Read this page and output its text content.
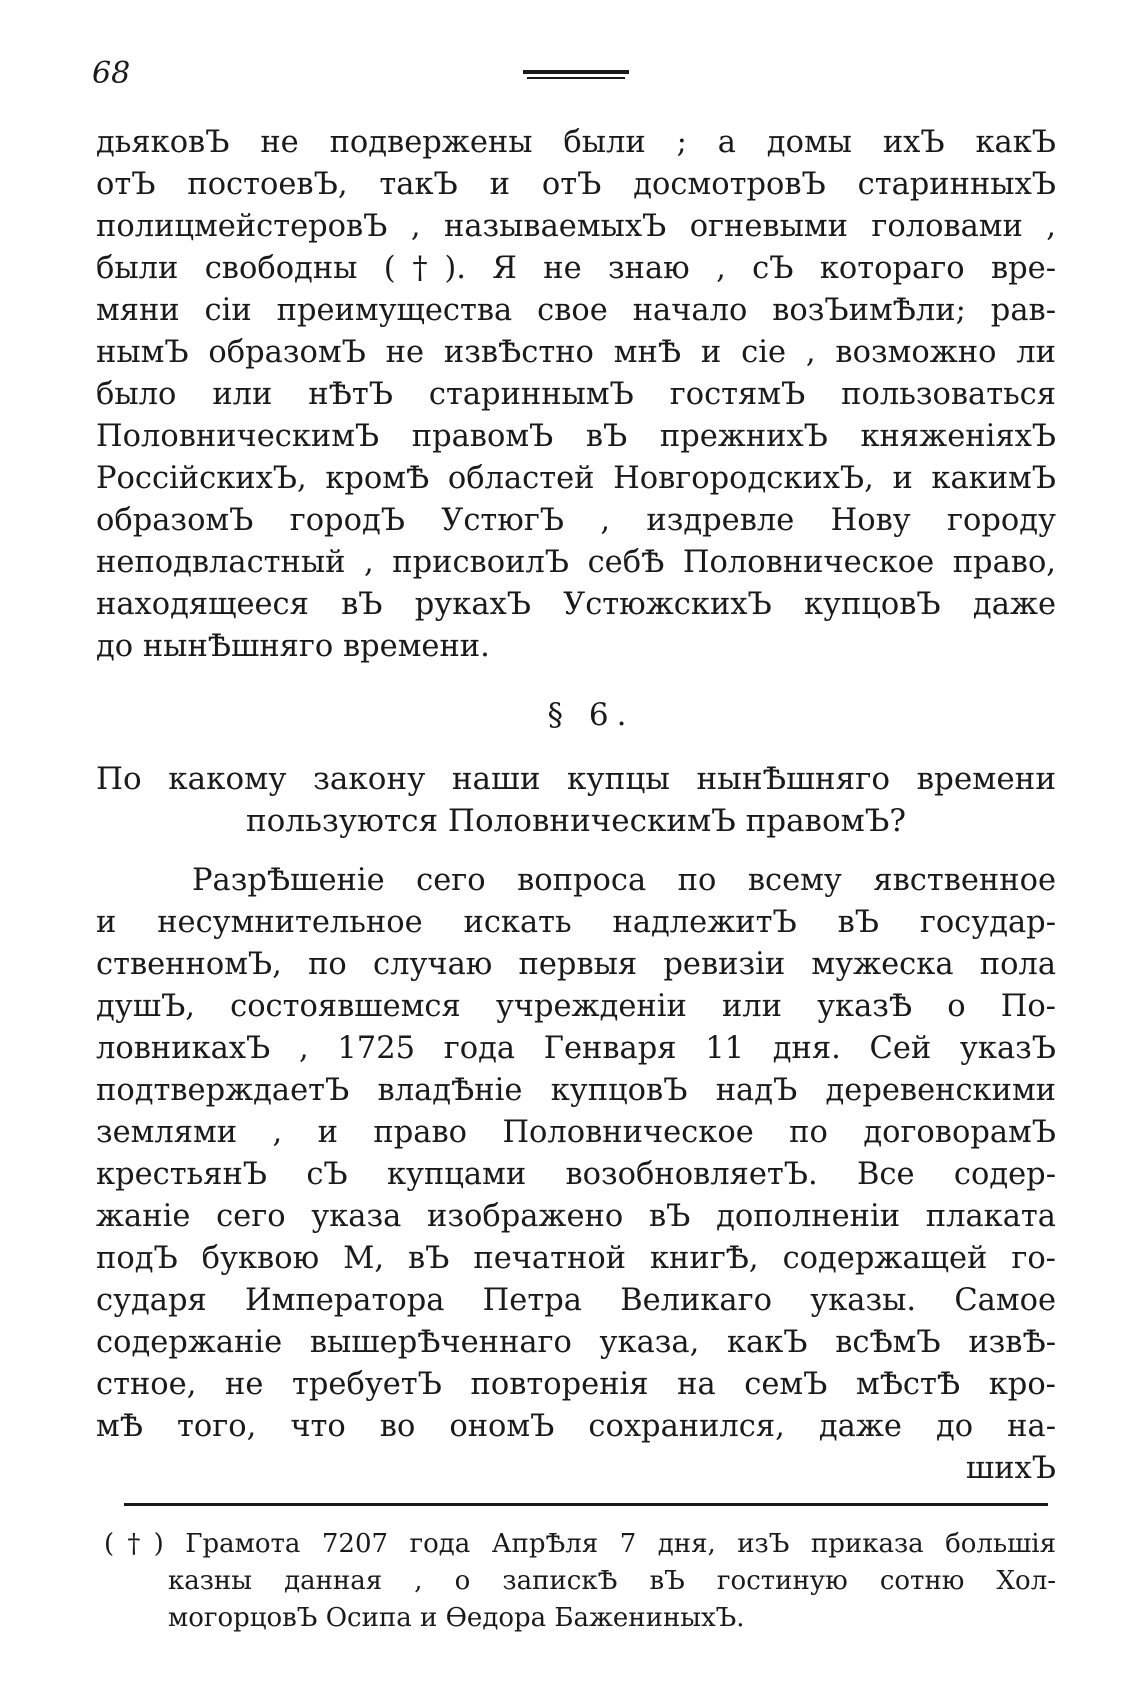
68
дьяковЪ не подвержены были ; а домы ихЪ какЪ
отЪ постоевЪ, такЪ и отЪ досмотровЪ старинныхЪ
полицмейстеровЪ , называемыхЪ огневыми головами ,
были свободны (†). Я не знаю , сЪ котораго вре-
мяни сіи преимущества свое начало возЪимѢли; рав-
нымЪ образомЪ не извѢстно мнѢ и сіе , возможно ли
было или нѢтЪ стариннымЪ гостямЪ пользоваться
ПоловническимЪ правомЪ вЪ прежнихЪ княженіяхЪ
РоссійскихЪ, кромѢ областей НовгородскихЪ, и какимЪ
образомЪ городЪ УстюгЪ , издревле Нову городу
неподвластный , присвоилЪ себѢ Половническое право,
находящееся вЪ рукахЪ УстюжскихЪ купцовЪ даже
до нынѢшняго времени.
§ 6.
По какому закону наши купцы нынѢшняго времени
пользуются ПоловническимЪ правомЪ?
РазрѢшеніе сего вопроса по всему явственное
и несумнительное искать надлежитЪ вЪ государ-
ственномЪ, по случаю первыя ревизіи мужеска пола
душЪ, состоявшемся учрежденіи или указѢ о По-
ловникахЪ , 1725 года Генваря 11 дня. Сей указЪ
подтверждаетЪ владѢніе купцовЪ надЪ деревенскими
землями , и право Половническое по договорамЪ
крестьянЪ сЪ купцами возобновляетЪ. Все содер-
жаніе сего указа изображено вЪ дополненіи плаката
подЪ буквою М, вЪ печатной книгѢ, содержащей го-
сударя Императора Петра Великаго указы. Самое
содержаніе вышерѢченнаго указа, какЪ всѢмЪ извѢ-
стное, не требуетЪ повторенія на семЪ мѢстѢ кро-
мѢ того, что во ономЪ сохранился, даже до на-
шихЪ
(†) Грамота 7207 года АпрѢля 7 дня, изЪ приказа большія
казны данная , о запискѢ вЪ гостиную сотню Хол-
могорцовЪ Осипа и Ѳедора БажениныхЪ.
